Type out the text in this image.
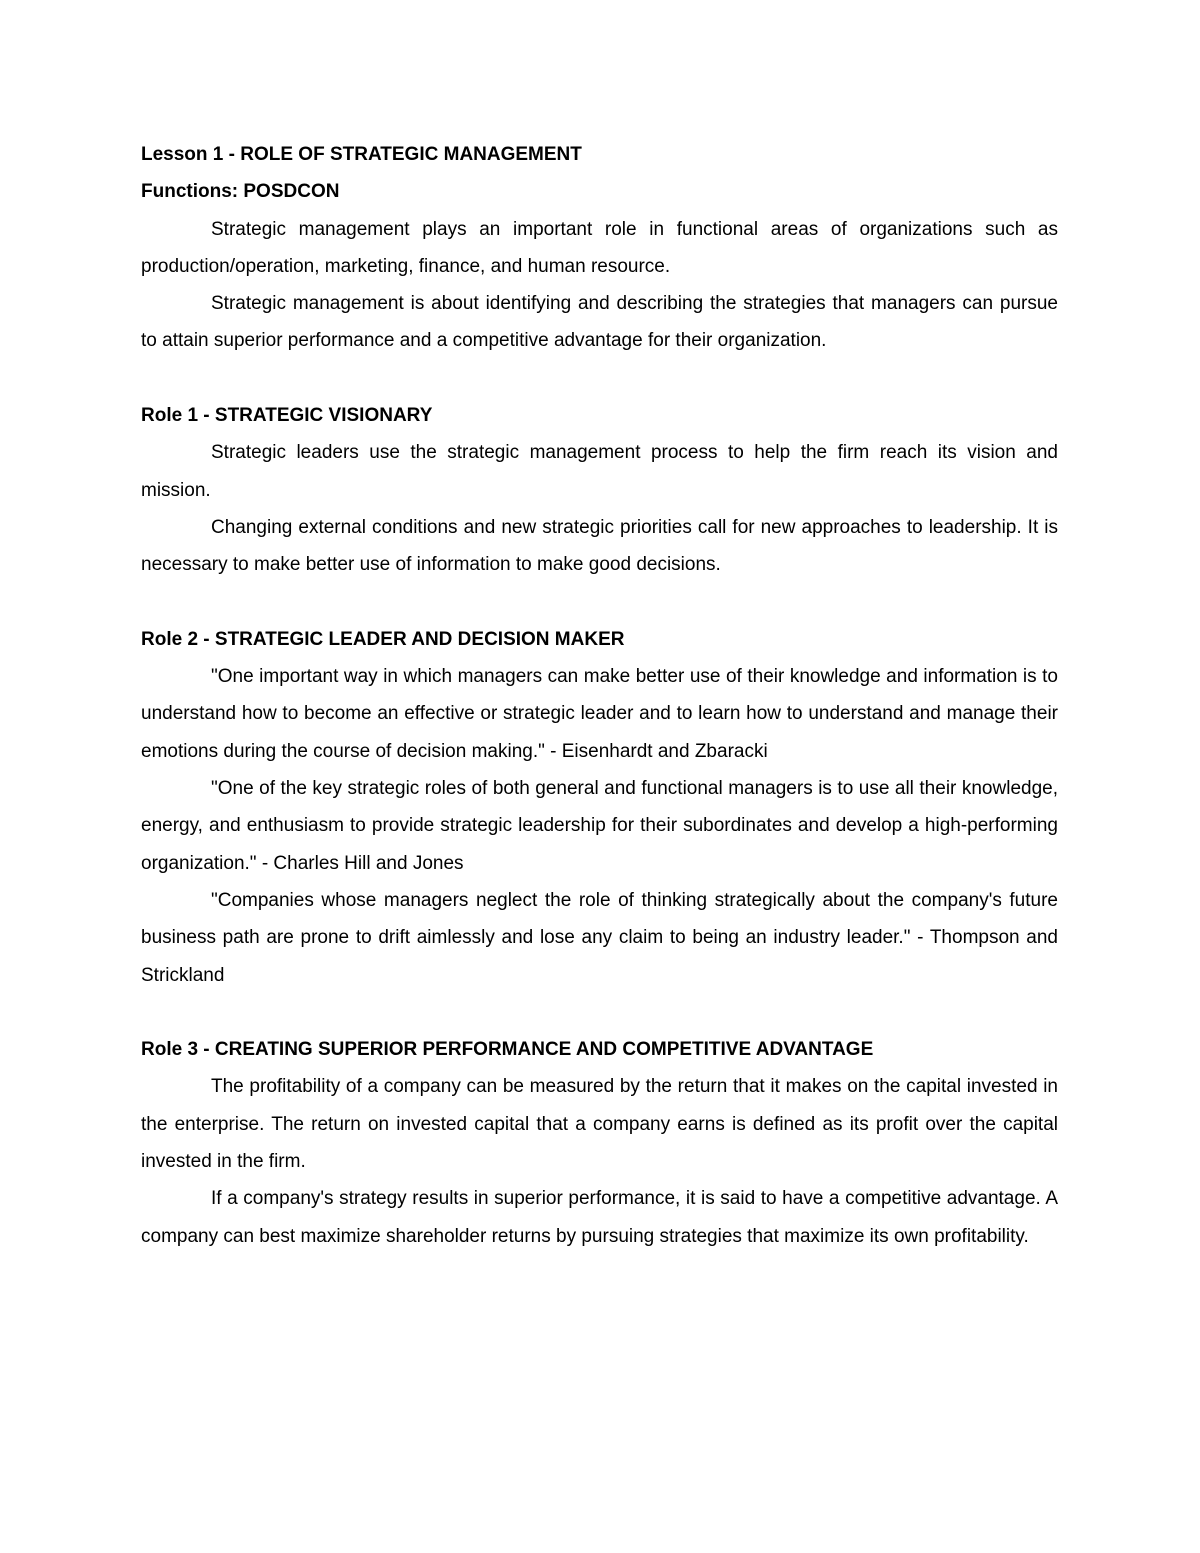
Lesson 1 - ROLE OF STRATEGIC MANAGEMENT

Functions: POSDCON

Strategic management plays an important role in functional areas of organizations such as production/operation, marketing, finance, and human resource.

Strategic management is about identifying and describing the strategies that managers can pursue to attain superior performance and a competitive advantage for their organization.

Role 1 - STRATEGIC VISIONARY

Strategic leaders use the strategic management process to help the firm reach its vision and mission.

Changing external conditions and new strategic priorities call for new approaches to leadership. It is necessary to make better use of information to make good decisions.

Role 2 - STRATEGIC LEADER AND DECISION MAKER

"One important way in which managers can make better use of their knowledge and information is to understand how to become an effective or strategic leader and to learn how to understand and manage their emotions during the course of decision making." - Eisenhardt and Zbaracki

"One of the key strategic roles of both general and functional managers is to use all their knowledge, energy, and enthusiasm to provide strategic leadership for their subordinates and develop a high-performing organization." - Charles Hill and Jones

"Companies whose managers neglect the role of thinking strategically about the company's future business path are prone to drift aimlessly and lose any claim to being an industry leader." - Thompson and Strickland

Role 3 - CREATING SUPERIOR PERFORMANCE AND COMPETITIVE ADVANTAGE

The profitability of a company can be measured by the return that it makes on the capital invested in the enterprise. The return on invested capital that a company earns is defined as its profit over the capital invested in the firm.

If a company's strategy results in superior performance, it is said to have a competitive advantage. A company can best maximize shareholder returns by pursuing strategies that maximize its own profitability.
